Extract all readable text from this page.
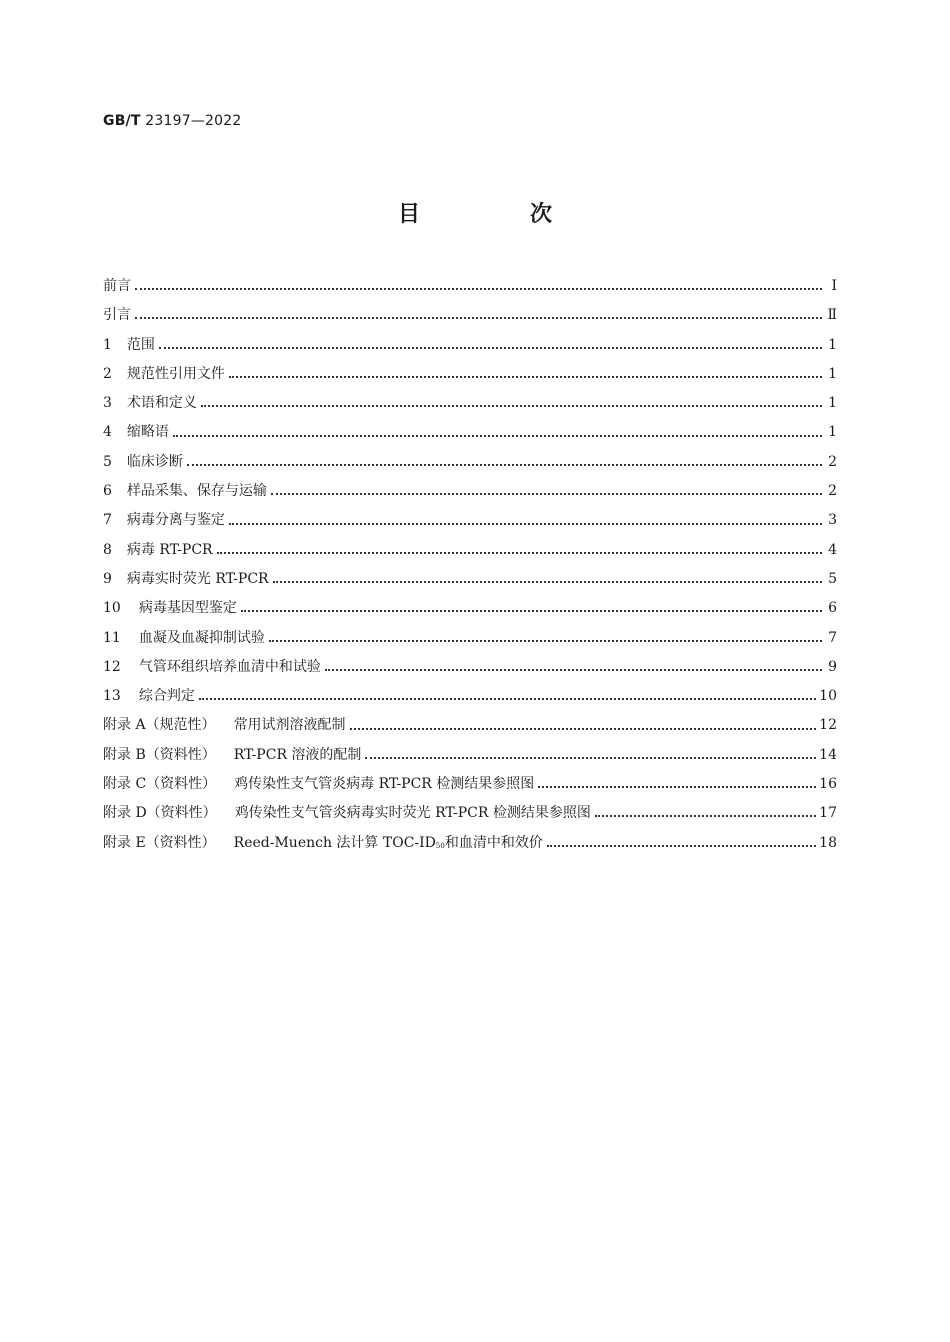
GB/T 23197—2022
目　次
前言	Ⅰ
引言	Ⅱ
1 范围	1
2 规范性引用文件	1
3 术语和定义	1
4 缩略语	1
5 临床诊断	2
6 样品采集、保存与运输	2
7 病毒分离与鉴定	3
8 病毒 RT-PCR	4
9 病毒实时荧光 RT-PCR	5
10 病毒基因型鉴定	6
11 血凝及血凝抑制试验	7
12 气管环组织培养血清中和试验	9
13 综合判定	10
附录 A（规范性） 常用试剂溶液配制	12
附录 B（资料性） RT-PCR 溶液的配制	14
附录 C（资料性） 鸡传染性支气管炎病毒 RT-PCR 检测结果参照图	16
附录 D（资料性） 鸡传染性支气管炎病毒实时荧光 RT-PCR 检测结果参照图	17
附录 E（资料性） Reed-Muench 法计算 TOC-$ID_{50}$和血清中和效价	18
